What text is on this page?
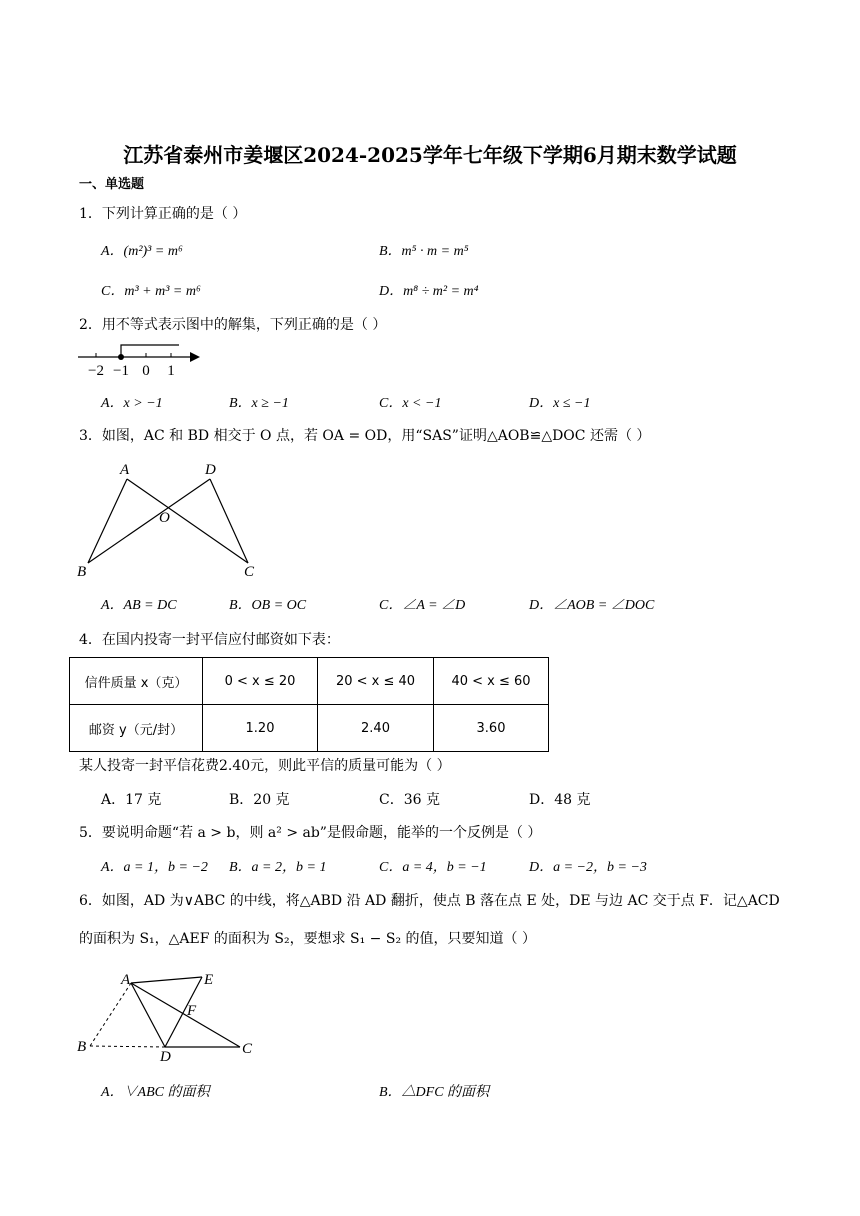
江苏省泰州市姜堰区2024-2025学年七年级下学期6月期末数学试题
一、单选题
1．下列计算正确的是（ ）
A．(m²)³ = m⁶	B．m⁵ · m = m⁵
C．m³ + m³ = m⁶	D．m⁸ ÷ m² = m⁴
2．用不等式表示图中的解集，下列正确的是（ ）
−2 −1 0 1
A．x > −1	B．x ≥ −1	C．x < −1	D．x ≤ −1
3．如图，AC 和 BD 相交于 O 点，若 OA = OD，用“SAS”证明△AOB≌△DOC 还需（ ）
A	D
O
B	C
A．AB = DC	B．OB = OC	C．∠A = ∠D	D．∠AOB = ∠DOC
4．在国内投寄一封平信应付邮资如下表：
信件质量 x（克）	0 < x ≤ 20	20 < x ≤ 40	40 < x ≤ 60
邮资 y（元/封）	1.20	2.40	3.60
某人投寄一封平信花费2.40元，则此平信的质量可能为（ ）
A．17 克	B．20 克	C．36 克	D．48 克
5．要说明命题“若 a > b，则 a² > ab”是假命题，能举的一个反例是（ ）
A．a = 1，b = −2 B．a = 2，b = 1	C．a = 4，b = −1	D．a = −2，b = −3
6．如图，AD 为∨ABC 的中线，将△ABD 沿 AD 翻折，使点 B 落在点 E 处，DE 与边 AC 交于点 F．记△ACD
的面积为 S₁，△AEF 的面积为 S₂，要想求 S₁ − S₂ 的值，只要知道（ ）
A	E
F
B
D	C
A．∨ABC 的面积	B．△DFC 的面积
